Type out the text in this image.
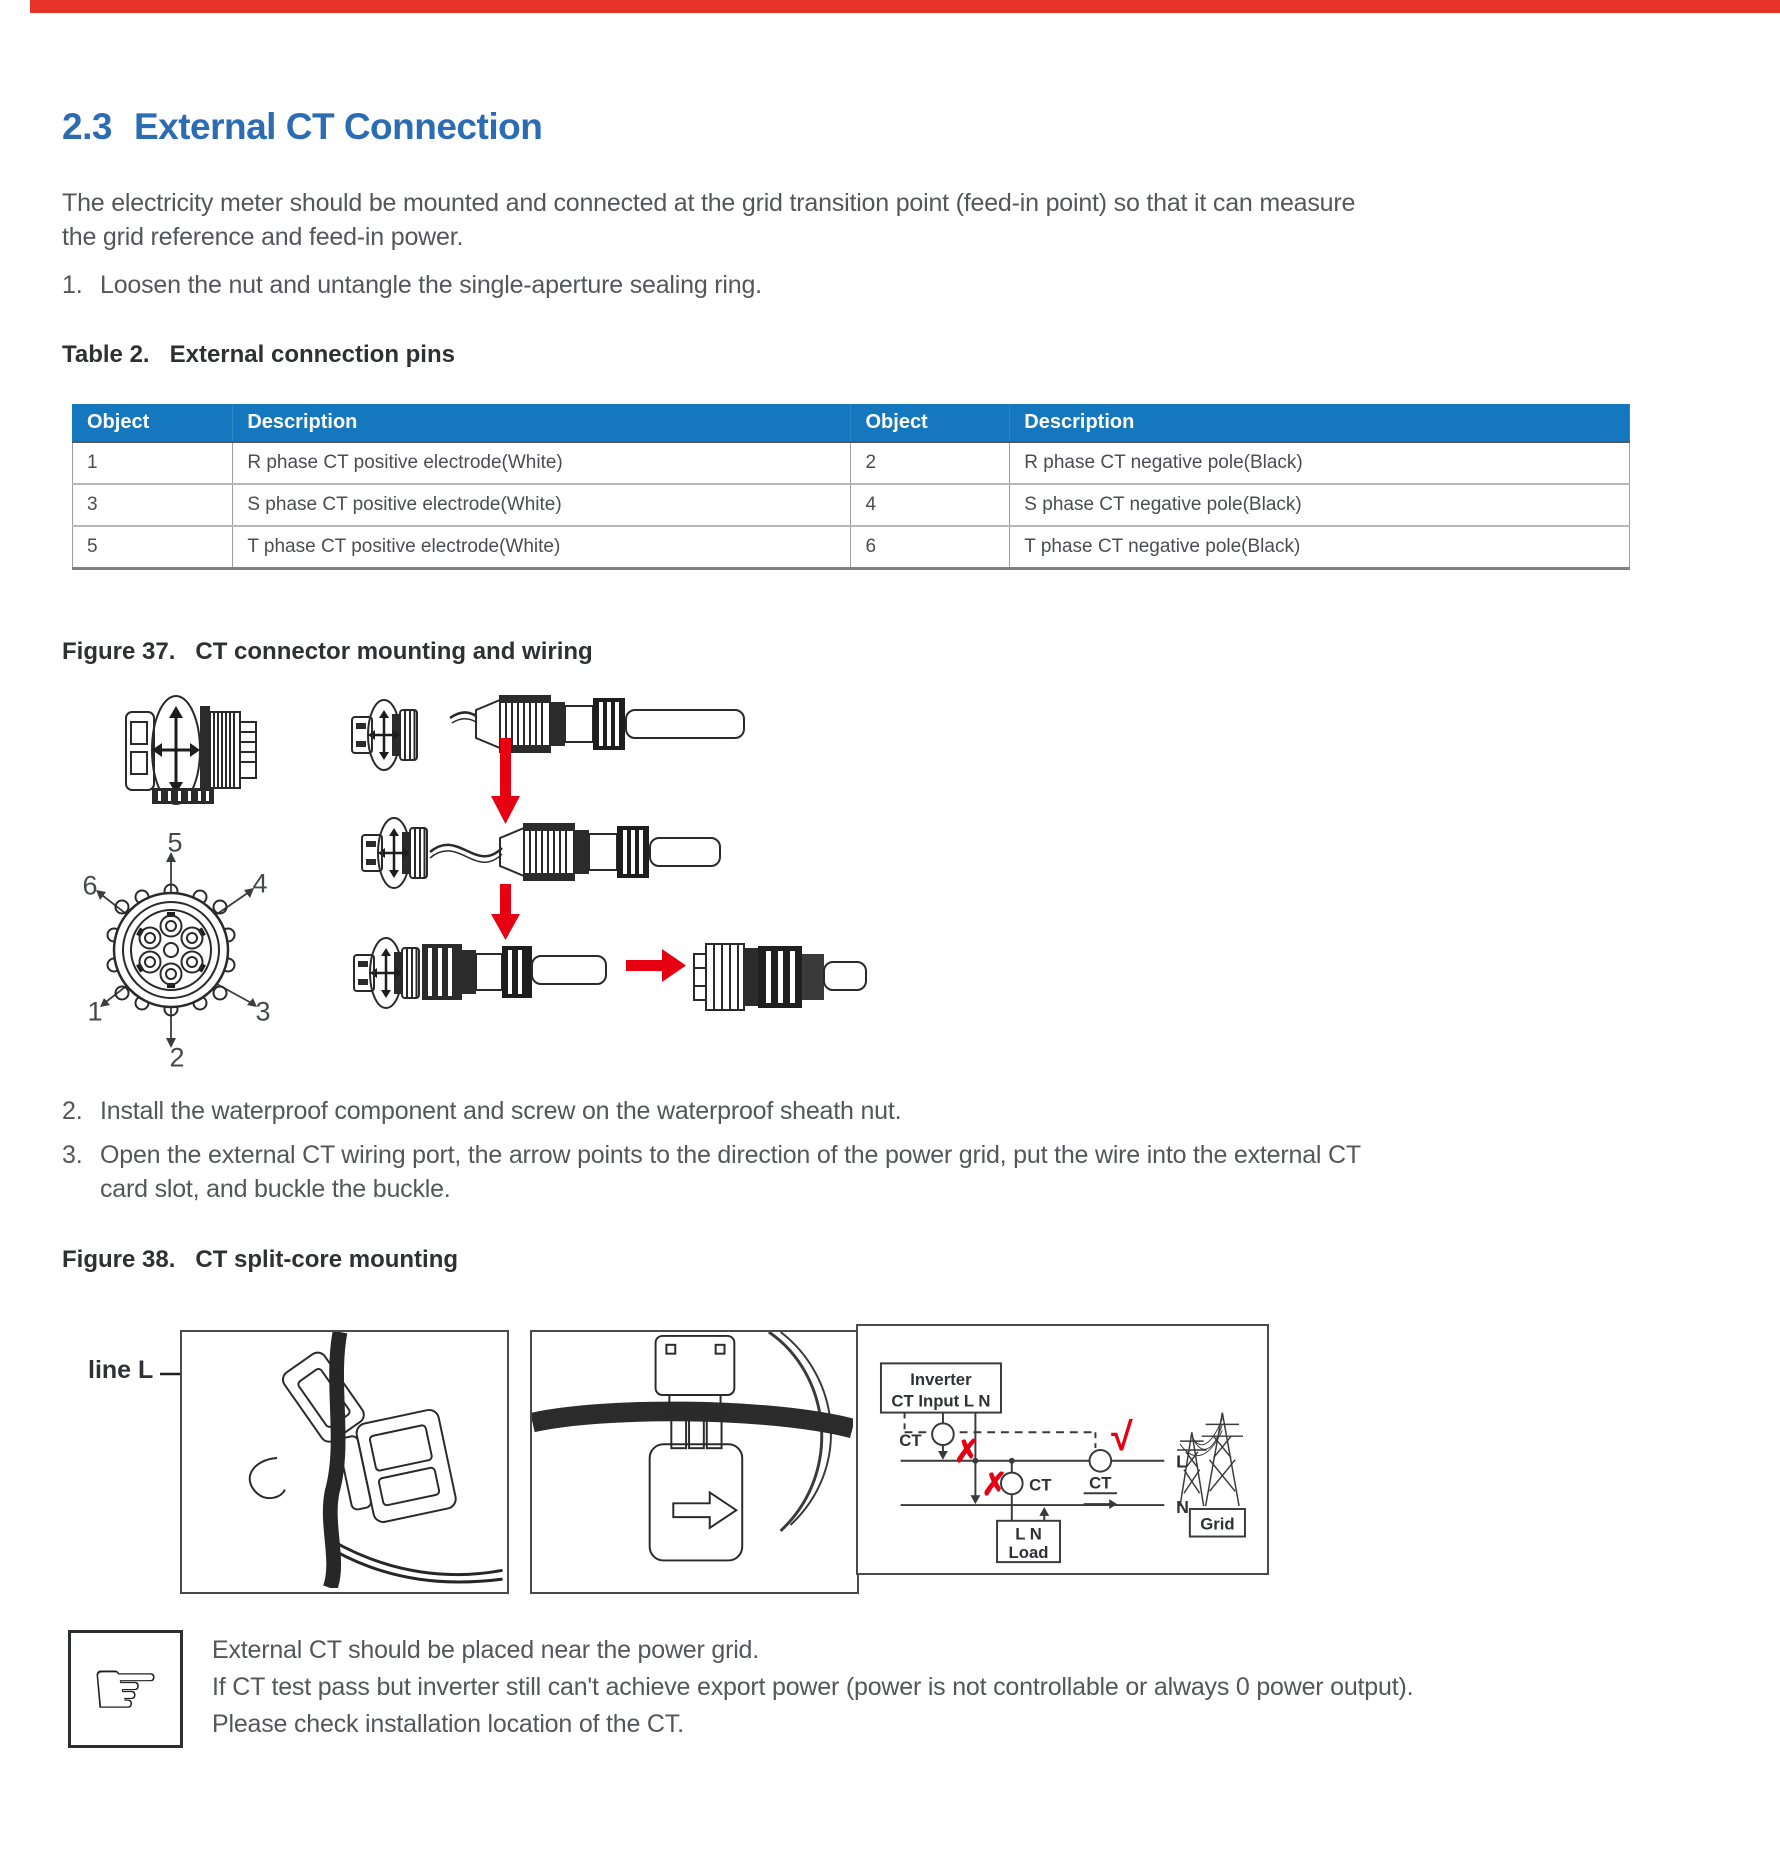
2.3 External CT Connection
The electricity meter should be mounted and connected at the grid transition point (feed-in point) so that it can measure
the grid reference and feed-in power.
1. Loosen the nut and untangle the single-aperture sealing ring.
Table 2. External connection pins
Object	Description	Object	Description
1	R phase CT positive electrode(White)	2	R phase CT negative pole(Black)
3	S phase CT positive electrode(White)	4	S phase CT negative pole(Black)
5	T phase CT positive electrode(White)	6	T phase CT negative pole(Black)
Figure 37. CT connector mounting and wiring
5
6	4
1	3
2
2. Install the waterproof component and screw on the waterproof sheath nut.
3. Open the external CT wiring port, the arrow points to the direction of the power grid, put the wire into the external CT
card slot, and buckle the buckle.
Figure 38. CT split-core mounting
line L	Inverter
CT Input L N
CT
CT CT
L
N
L N
Load
Grid
✗
✗
√
☞ External CT should be placed near the power grid.
If CT test pass but inverter still can't achieve export power (power is not controllable or always 0 power output).
Please check installation location of the CT.
